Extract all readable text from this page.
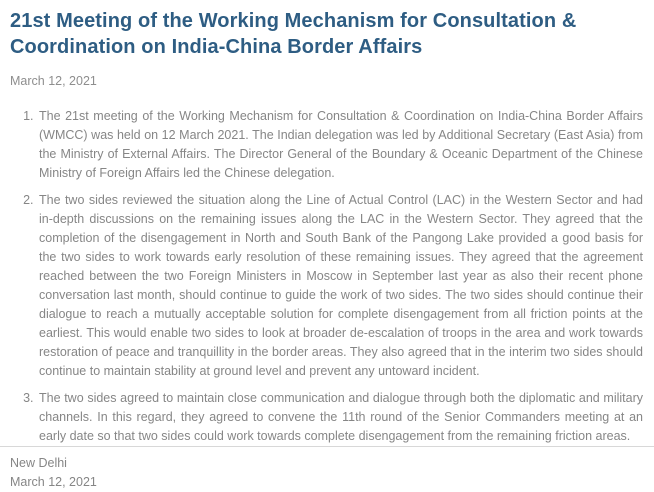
21st Meeting of the Working Mechanism for Consultation & Coordination on India-China Border Affairs
March 12, 2021
1. The 21st meeting of the Working Mechanism for Consultation & Coordination on India-China Border Affairs (WMCC) was held on 12 March 2021. The Indian delegation was led by Additional Secretary (East Asia) from the Ministry of External Affairs. The Director General of the Boundary & Oceanic Department of the Chinese Ministry of Foreign Affairs led the Chinese delegation.
2. The two sides reviewed the situation along the Line of Actual Control (LAC) in the Western Sector and had in-depth discussions on the remaining issues along the LAC in the Western Sector. They agreed that the completion of the disengagement in North and South Bank of the Pangong Lake provided a good basis for the two sides to work towards early resolution of these remaining issues. They agreed that the agreement reached between the two Foreign Ministers in Moscow in September last year as also their recent phone conversation last month, should continue to guide the work of two sides. The two sides should continue their dialogue to reach a mutually acceptable solution for complete disengagement from all friction points at the earliest. This would enable two sides to look at broader de-escalation of troops in the area and work towards restoration of peace and tranquillity in the border areas. They also agreed that in the interim two sides should continue to maintain stability at ground level and prevent any untoward incident.
3. The two sides agreed to maintain close communication and dialogue through both the diplomatic and military channels. In this regard, they agreed to convene the 11th round of the Senior Commanders meeting at an early date so that two sides could work towards complete disengagement from the remaining friction areas.
New Delhi
March 12, 2021
